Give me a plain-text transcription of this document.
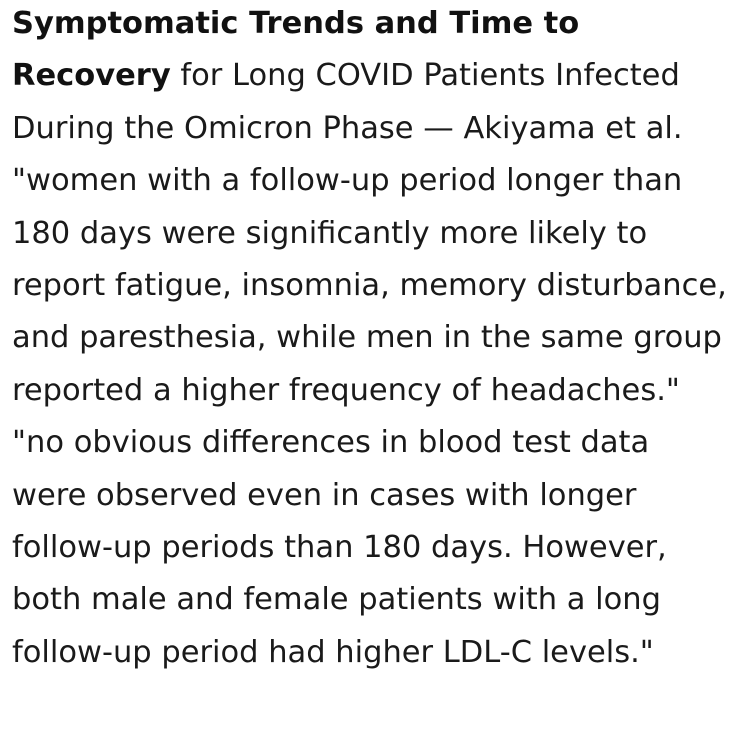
Symptomatic Trends and Time to Recovery for Long COVID Patients Infected During the Omicron Phase — Akiyama et al. "women with a follow-up period longer than 180 days were significantly more likely to report fatigue, insomnia, memory disturbance, and paresthesia, while men in the same group reported a higher frequency of headaches." "no obvious differences in blood test data were observed even in cases with longer follow-up periods than 180 days. However, both male and female patients with a long follow-up period had higher LDL-C levels."
